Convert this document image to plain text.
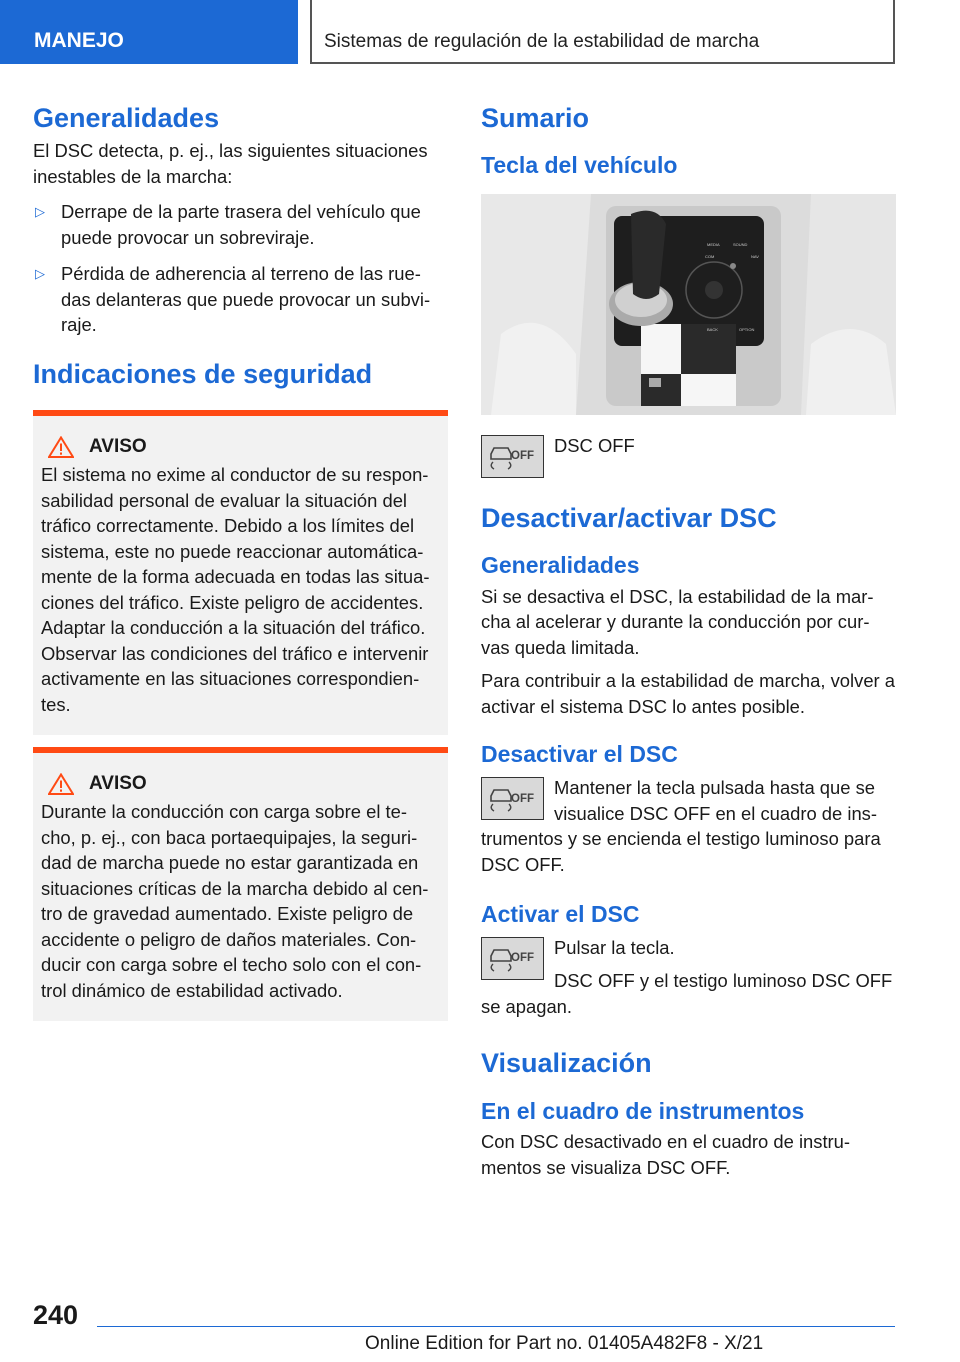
MANEJO	Sistemas de regulación de la estabilidad de marcha
Generalidades

El DSC detecta, p. ej., las siguientes situaciones inestables de la marcha:

▷ Derrape de la parte trasera del vehículo que puede provocar un sobreviraje.
▷ Pérdida de adherencia al terreno de las rue-das delanteras que puede provocar un subvi-raje.
Indicaciones de seguridad
AVISO

El sistema no exime al conductor de su respon-sabilidad personal de evaluar la situación del tráfico correctamente. Debido a los límites del sistema, este no puede reaccionar automática-mente de la forma adecuada en todas las situa-ciones del tráfico. Existe peligro de accidentes. Adaptar la conducción a la situación del tráfico. Observar las condiciones del tráfico e intervenir activamente en las situaciones correspondien-tes.

AVISO

Durante la conducción con carga sobre el te-cho, p. ej., con baca portaequipajes, la seguri-dad de marcha puede no estar garantizada en situaciones críticas de la marcha debido al cen-tro de gravedad aumentado. Existe peligro de accidente o peligro de daños materiales. Con-ducir con carga sobre el techo solo con el con-trol dinámico de estabilidad activado.

Sumario
Tecla del vehículo
MEDIA	SOUND
NAV
COM
BACK	OPTION
OFF

DSC OFF

Desactivar/activar DSC
Generalidades

Si se desactiva el DSC, la estabilidad de la mar-cha al acelerar y durante la conducción por cur-vas queda limitada.

Para contribuir a la estabilidad de marcha, volver a activar el sistema DSC lo antes posible.

Desactivar el DSC
OFF

Mantener la tecla pulsada hasta que se visualice DSC OFF en el cuadro de ins-trumentos y se encienda el testigo luminoso para DSC OFF.

Activar el DSC
OFF

Pulsar la tecla.

DSC OFF y el testigo luminoso DSC OFF se apagan.

Visualización
En el cuadro de instrumentos

Con DSC desactivado en el cuadro de instru-mentos se visualiza DSC OFF.

240
Online Edition for Part no. 01405A482F8 - X/21
